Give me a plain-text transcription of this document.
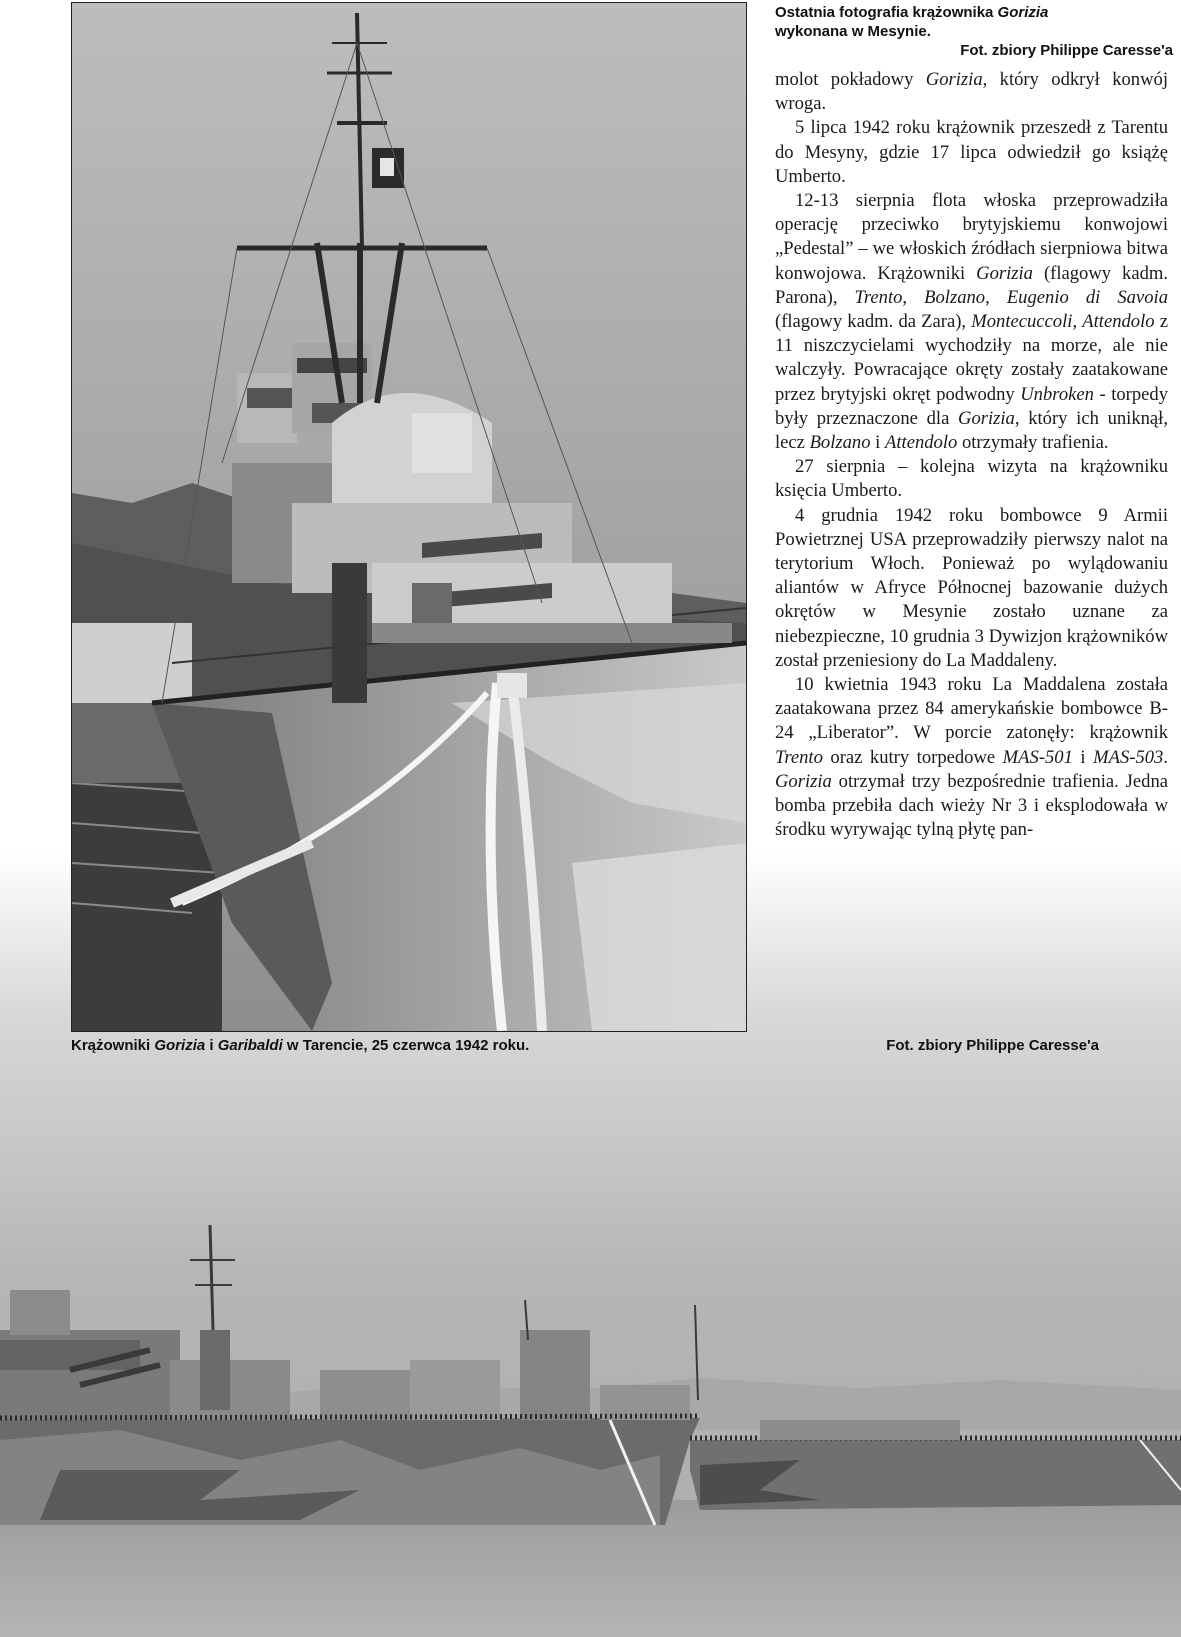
Ostatnia fotografia krążownika Gorizia
wykonana w Mesynie.
Fot. zbiory Philippe Caresse'a

molot pokładowy Gorizia, który odkrył konwój wroga.

5 lipca 1942 roku krążownik przeszedł z Tarentu do Mesyny, gdzie 17 lipca odwiedził go książę Umberto.

12-13 sierpnia flota włoska przeprowadziła operację przeciwko brytyjskiemu konwojowi „Pedestal” – we włoskich źródłach sierpniowa bitwa konwojowa. Krążowniki Gorizia (flagowy kadm. Parona), Trento, Bolzano, Eugenio di Savoia (flagowy kadm. da Zara), Montecuccoli, Attendolo z 11 niszczycielami wychodziły na morze, ale nie walczyły. Powracające okręty zostały zaatakowane przez brytyjski okręt podwodny Unbroken - torpedy były przeznaczone dla Gorizia, który ich uniknął, lecz Bolzano i Attendolo otrzymały trafienia.

27 sierpnia – kolejna wizyta na krążowniku księcia Umberto.

4 grudnia 1942 roku bombowce 9 Armii Powietrznej USA przeprowadziły pierwszy nalot na terytorium Włoch. Ponieważ po wylądowaniu aliantów w Afryce Północnej bazowanie dużych okrętów w Mesynie zostało uznane za niebezpieczne, 10 grudnia 3 Dywizjon krążowników został przeniesiony do La Maddaleny.

10 kwietnia 1943 roku La Maddalena została zaatakowana przez 84 amerykańskie bombowce B-24 „Liberator”. W porcie zatonęły: krążownik Trento oraz kutry torpedowe MAS-501 i MAS-503. Gorizia otrzymał trzy bezpośrednie trafienia. Jedna bomba przebiła dach wieży Nr 3 i eksplodowała w środku wyrywając tylną płytę pan-

Krążowniki Gorizia i Garibaldi w Tarencie, 25 czerwca 1942 roku.	Fot. zbiory Philippe Caresse'a
